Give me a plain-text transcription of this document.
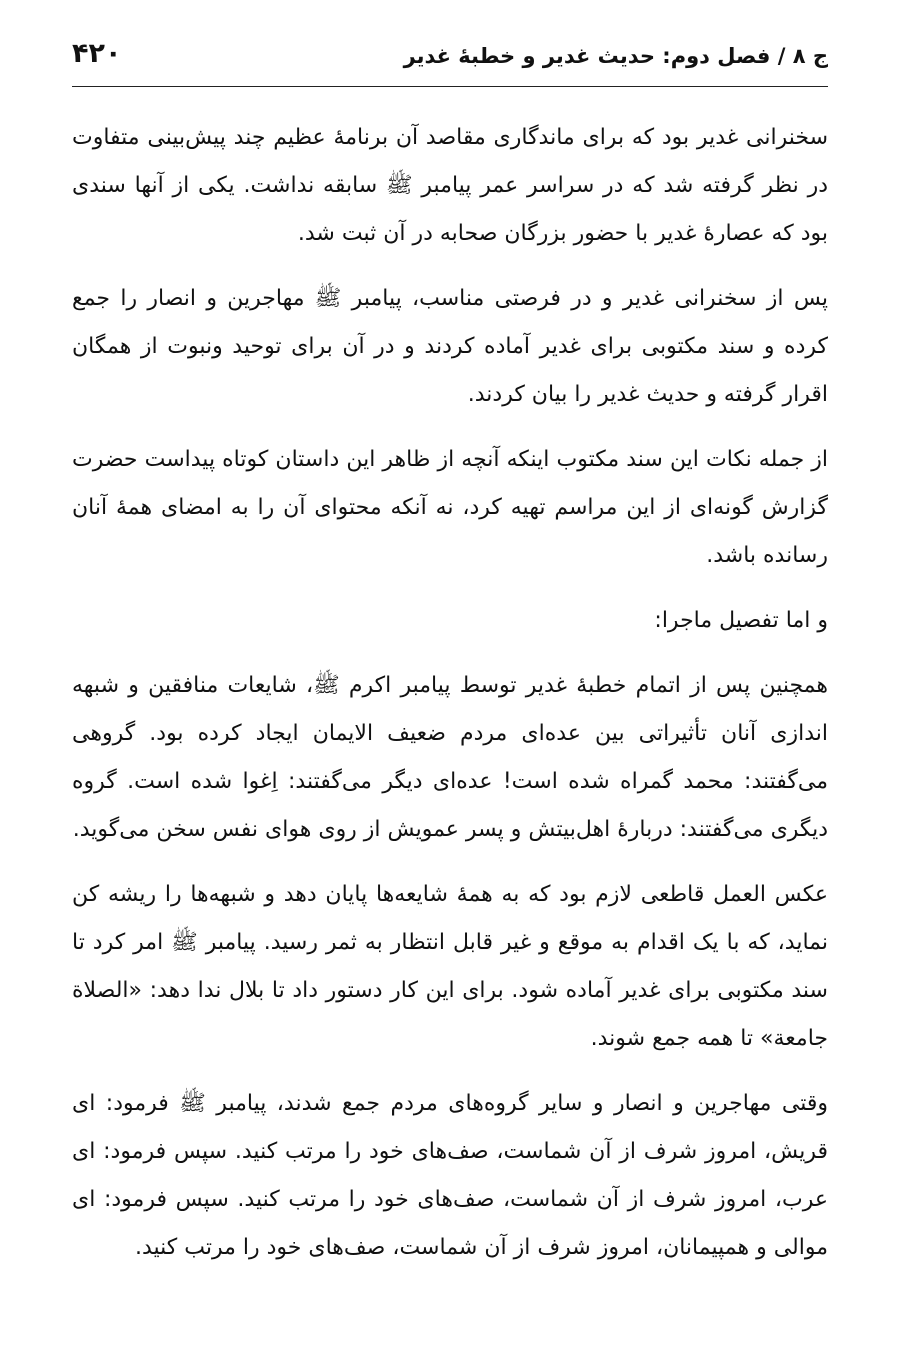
ج ۸ / فصل دوم: حدیث غدیر و خطبهٔ غدیر
۴۲۰

سخنرانی غدیر بود که برای ماندگاری مقاصد آن برنامهٔ عظیم چند پیش‌بینی متفاوت در نظر گرفته شد که در سراسر عمر پیامبر ﷺ سابقه نداشت. یکی از آنها سندی بود که عصارهٔ غدیر با حضور بزرگان صحابه در آن ثبت شد.

پس از سخنرانی غدیر و در فرصتی مناسب، پیامبر ﷺ مهاجرین و انصار را جمع کرده و سند مکتوبی برای غدیر آماده کردند و در آن برای توحید ونبوت از همگان اقرار گرفته و حدیث غدیر را بیان کردند.

از جمله نکات این سند مکتوب اینکه آنچه از ظاهر این داستان کوتاه پیداست حضرت گزارش گونه‌ای از این مراسم تهیه کرد، نه آنکه محتوای آن را به امضای همهٔ آنان رسانده باشد.

و اما تفصیل ماجرا:

همچنین پس از اتمام خطبهٔ غدیر توسط پیامبر اکرم ﷺ، شایعات منافقین و شبهه اندازی آنان تأثیراتی بین عده‌ای مردم ضعیف الایمان ایجاد کرده بود. گروهی می‌گفتند: محمد گمراه شده است! عده‌ای دیگر می‌گفتند: اِغوا شده است. گروه دیگری می‌گفتند: دربارهٔ اهل‌بیتش و پسر عمویش از روی هوای نفس سخن می‌گوید.

عکس العمل قاطعی لازم بود که به همهٔ شایعه‌ها پایان دهد و شبهه‌ها را ریشه کن نماید، که با یک اقدام به موقع و غیر قابل انتظار به ثمر رسید. پیامبر ﷺ امر کرد تا سند مکتوبی برای غدیر آماده شود. برای این کار دستور داد تا بلال ندا دهد: «الصلاة جامعة» تا همه جمع شوند.

وقتی مهاجرین و انصار و سایر گروه‌های مردم جمع شدند، پیامبر ﷺ فرمود: ای قریش، امروز شرف از آن شماست، صف‌های خود را مرتب کنید. سپس فرمود: ای عرب، امروز شرف از آن شماست، صف‌های خود را مرتب کنید. سپس فرمود: ای موالی و همپیمانان، امروز شرف از آن شماست، صف‌های خود را مرتب کنید.
